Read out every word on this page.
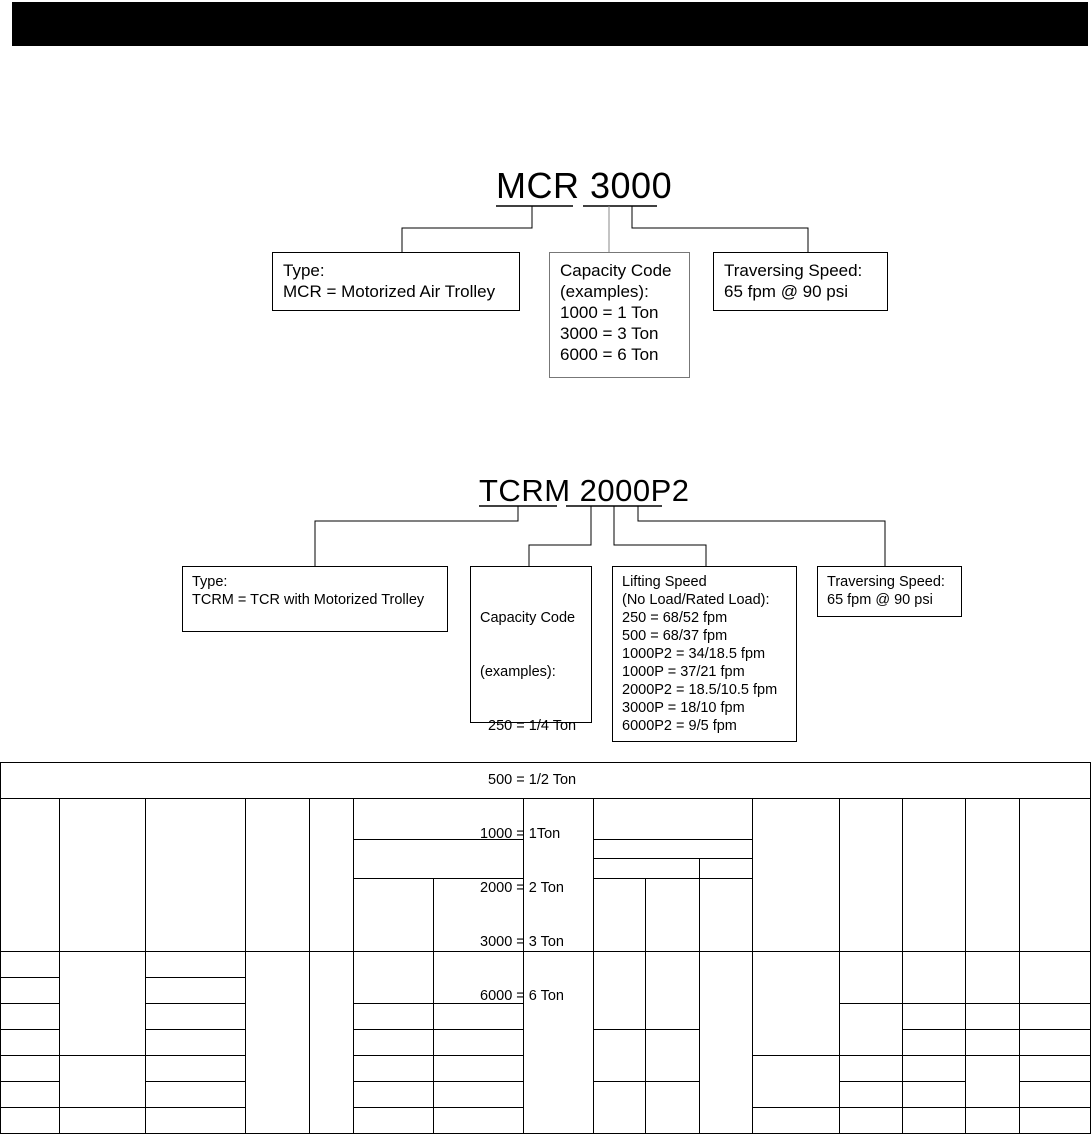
MCR 3000
Type:
MCR = Motorized Air Trolley
Capacity Code
(examples):
1000 = 1 Ton
3000 = 3 Ton
6000 = 6 Ton
Traversing Speed:
65 fpm @ 90 psi
TCRM 2000P2
Type:
TCRM = TCR with Motorized Trolley

Capacity Code

(examples):

250 = 1/4 Ton

500 = 1/2 Ton

1000 = 1Ton

2000 = 2 Ton

3000 = 3 Ton

6000 = 6 Ton

Lifting Speed
(No Load/Rated Load):
250 = 68/52 fpm
500 = 68/37 fpm
1000P2 = 34/18.5 fpm
1000P = 37/21 fpm
2000P2 = 18.5/10.5 fpm
3000P = 18/10 fpm
6000P2 = 9/5 fpm
Traversing Speed:
65 fpm @ 90 psi
